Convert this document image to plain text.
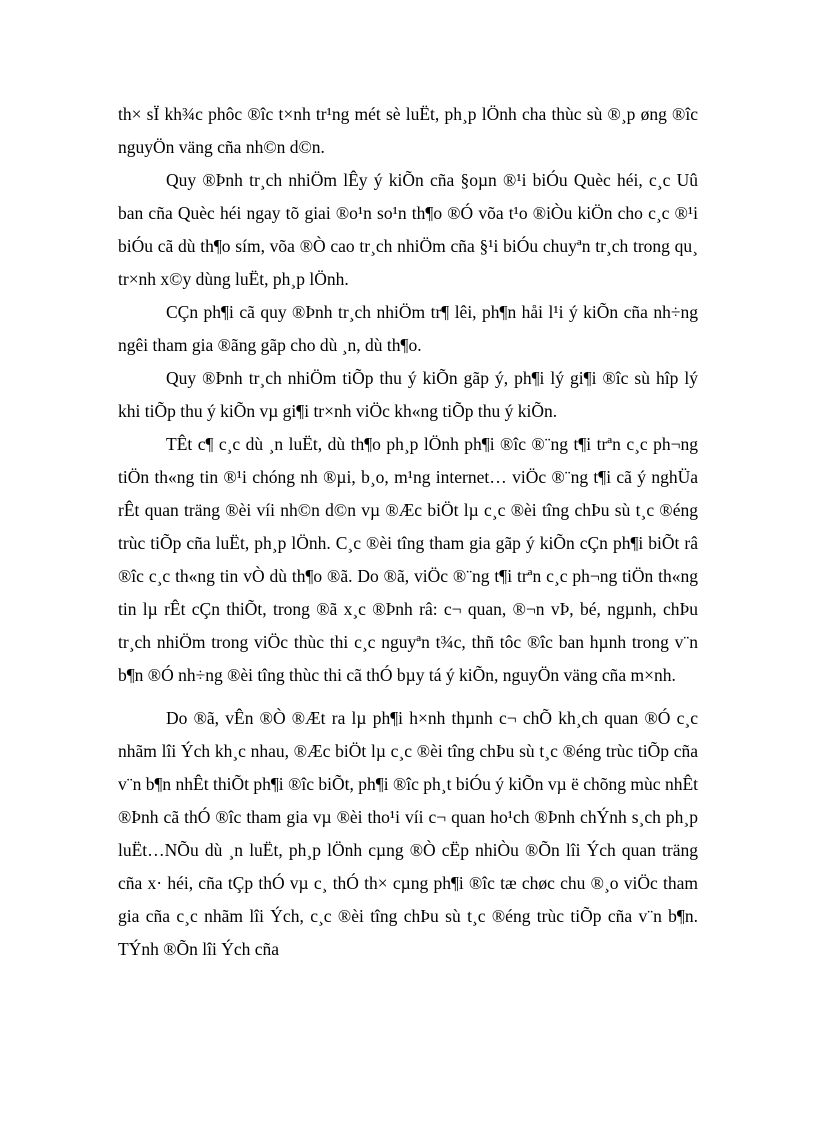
th× sÏ kh¾c phôc ®îc t×nh tr¹ng mét sè luËt, ph¸p lÖnh cha thùc sù ®¸p øng ®îc nguyÖn väng cña nh©n d©n.

Quy ®Þnh tr¸ch nhiÖm lÊy ý kiÕn cña §oµn ®¹i biÓu Quèc héi, c¸c Uû ban cña Quèc héi ngay tõ giai ®o¹n so¹n th¶o ®Ó võa t¹o ®iÒu kiÖn cho c¸c ®¹i biÓu cã dù th¶o sím, võa ®Ò cao tr¸ch nhiÖm cña §¹i biÓu chuyªn tr¸ch trong qu¸ tr×nh x©y dùng luËt, ph¸p lÖnh.

CÇn ph¶i cã quy ®Þnh tr¸ch nhiÖm tr¶ lêi, ph¶n håi l¹i ý kiÕn cña nh÷ng ngêi tham gia ®ãng gãp cho dù ¸n, dù th¶o.

Quy ®Þnh tr¸ch nhiÖm tiÕp thu ý kiÕn gãp ý, ph¶i lý gi¶i ®îc sù hîp lý khi tiÕp thu ý kiÕn vµ gi¶i tr×nh viÖc kh«ng tiÕp thu ý kiÕn.

TÊt c¶ c¸c dù ¸n luËt, dù th¶o ph¸p lÖnh ph¶i ®îc ®¨ng t¶i trªn c¸c ph¬ng tiÖn th«ng tin ®¹i chóng nh ®µi, b¸o, m¹ng internet… viÖc ®¨ng t¶i cã ý nghÜa rÊt quan träng ®èi víi nh©n d©n vµ ®Æc biÖt lµ c¸c ®èi tîng chÞu sù t¸c ®éng trùc tiÕp cña luËt, ph¸p lÖnh. C¸c ®èi tîng tham gia gãp ý kiÕn cÇn ph¶i biÕt râ ®îc c¸c th«ng tin vÒ dù th¶o ®ã. Do ®ã, viÖc ®¨ng t¶i trªn c¸c ph¬ng tiÖn th«ng tin lµ rÊt cÇn thiÕt, trong ®ã x¸c ®Þnh râ: c¬ quan, ®¬n vÞ, bé, ngµnh, chÞu tr¸ch nhiÖm trong viÖc thùc thi c¸c nguyªn t¾c, thñ tôc ®îc ban hµnh trong v¨n b¶n ®Ó nh÷ng ®èi tîng thùc thi cã thÓ bµy tá ý kiÕn, nguyÖn väng cña m×nh.

Do ®ã, vÊn ®Ò ®Æt ra lµ ph¶i h×nh thµnh c¬ chÕ kh¸ch quan ®Ó c¸c nhãm lîi Ých kh¸c nhau, ®Æc biÖt lµ c¸c ®èi tîng chÞu sù t¸c ®éng trùc tiÕp cña v¨n b¶n nhÊt thiÕt ph¶i ®îc biÕt, ph¶i ®îc ph¸t biÓu ý kiÕn vµ ë chõng mùc nhÊt ®Þnh cã thÓ ®îc tham gia vµ ®èi tho¹i víi c¬ quan ho¹ch ®Þnh chÝnh s¸ch ph¸p luËt…NÕu dù ¸n luËt, ph¸p lÖnh cµng ®Ò cËp nhiÒu ®Õn lîi Ých quan träng cña x· héi, cña tÇp thÓ vµ c¸ thÓ th× cµng ph¶i ®îc tæ chøc chu ®¸o viÖc tham gia cña c¸c nhãm lîi Ých, c¸c ®èi tîng chÞu sù t¸c ®éng trùc tiÕp cña v¨n b¶n. TÝnh ®Õn lîi Ých cña
